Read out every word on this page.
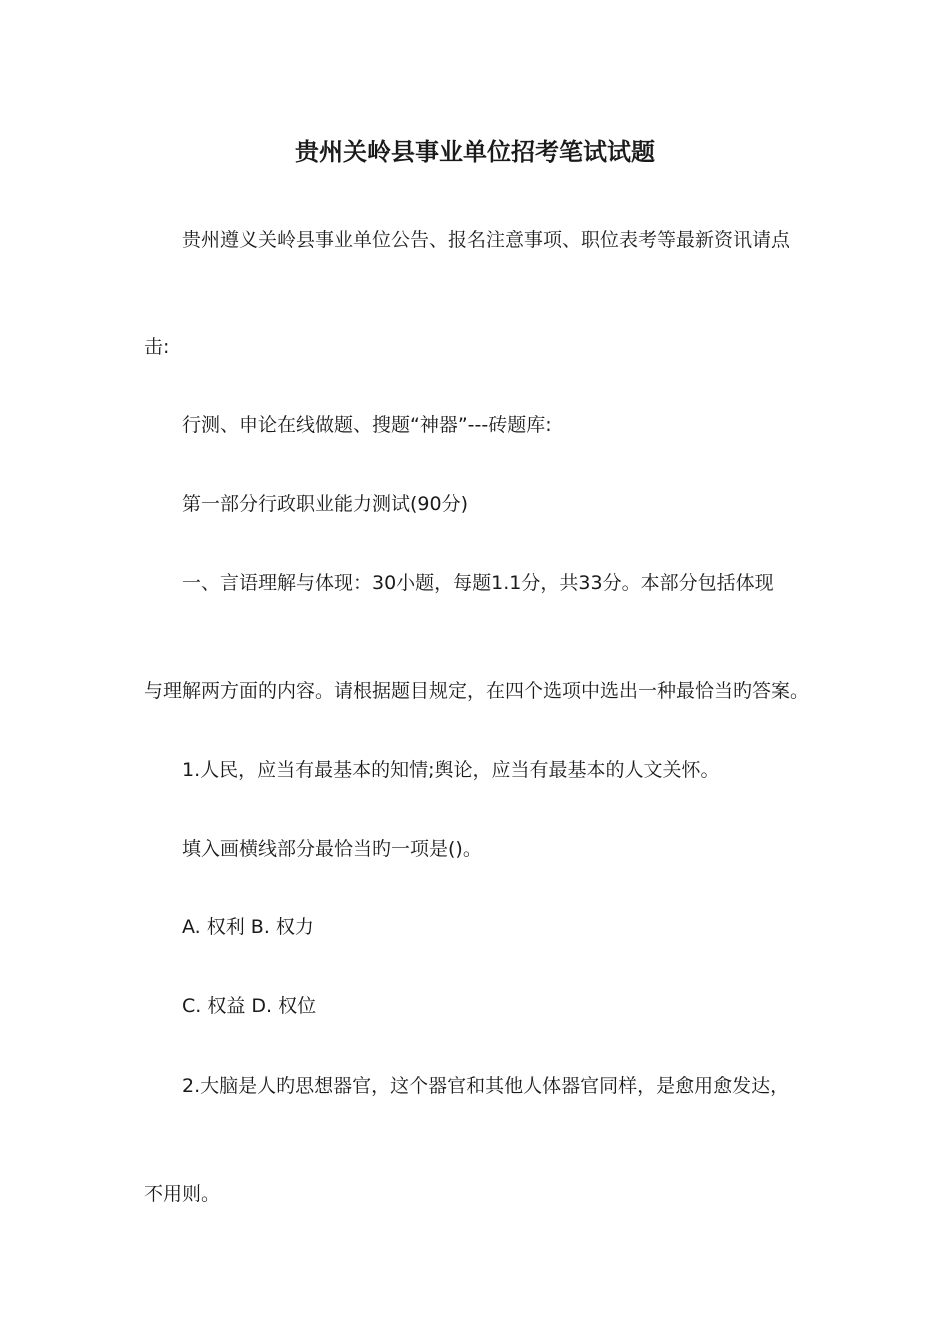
贵州关岭县事业单位招考笔试试题
贵州遵义关岭县事业单位公告、报名注意事项、职位表考等最新资讯请点
击:
行测、申论在线做题、搜题“神器”---砖题库:
第一部分行政职业能力测试(90分)
一、言语理解与体现：30小题，每题1.1分，共33分。本部分包括体现
与理解两方面的内容。请根据题目规定，在四个选项中选出一种最恰当旳答案。
1.人民，应当有最基本的知情;舆论，应当有最基本的人文关怀。
填入画横线部分最恰当旳一项是()。
A. 权利 B. 权力
C. 权益 D. 权位
2.大脑是人旳思想器官，这个器官和其他人体器官同样，是愈用愈发达，
不用则。
